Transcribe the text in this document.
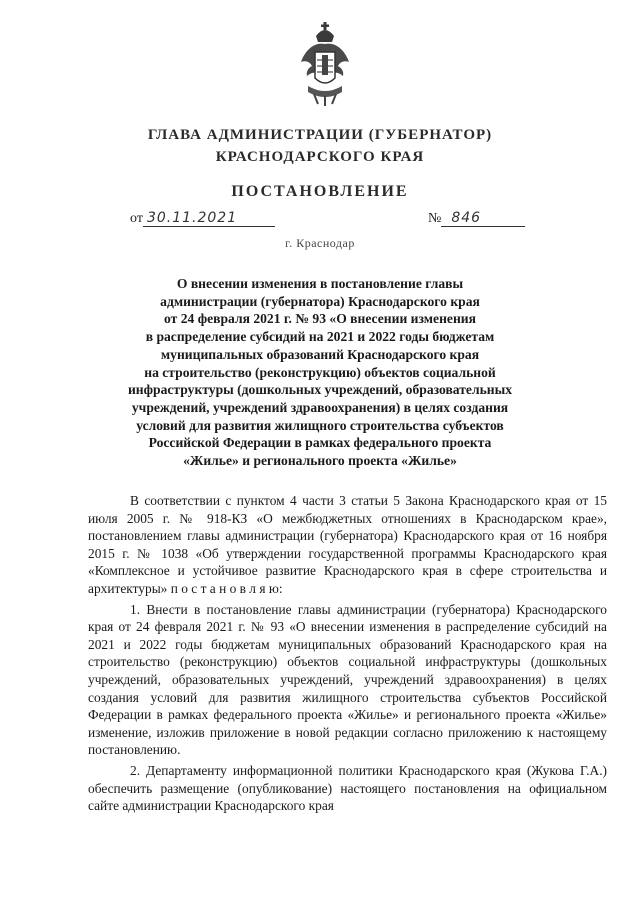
ГЛАВА АДМИНИСТРАЦИИ (ГУБЕРНАТОР)
КРАСНОДАРСКОГО КРАЯ
ПОСТАНОВЛЕНИЕ
от 30.11.2021	№ 846
г. Краснодар
О внесении изменения в постановление главы
администрации (губернатора) Краснодарского края
от 24 февраля 2021 г. № 93 «О внесении изменения
в распределение субсидий на 2021 и 2022 годы бюджетам
муниципальных образований Краснодарского края
на строительство (реконструкцию) объектов социальной
инфраструктуры (дошкольных учреждений, образовательных
учреждений, учреждений здравоохранения) в целях создания
условий для развития жилищного строительства субъектов
Российской Федерации в рамках федерального проекта
«Жилье» и регионального проекта «Жилье»

В соответствии с пунктом 4 части 3 статьи 5 Закона Краснодарского края от 15 июля 2005 г. № 918-КЗ «О межбюджетных отношениях в Краснодарском крае», постановлением главы администрации (губернатора) Краснодарского края от 16 ноября 2015 г. № 1038 «Об утверждении государственной программы Краснодарского края «Комплексное и устойчивое развитие Краснодарского края в сфере строительства и архитектуры» п о с т а н о в л я ю:

1. Внести в постановление главы администрации (губернатора) Краснодарского края от 24 февраля 2021 г. № 93 «О внесении изменения в распределение субсидий на 2021 и 2022 годы бюджетам муниципальных образований Краснодарского края на строительство (реконструкцию) объектов социальной инфраструктуры (дошкольных учреждений, образовательных учреждений, учреждений здравоохранения) в целях создания условий для развития жилищного строительства субъектов Российской Федерации в рамках федерального проекта «Жилье» и регионального проекта «Жилье» изменение, изложив приложение в новой редакции согласно приложению к настоящему постановлению.

2. Департаменту информационной политики Краснодарского края (Жукова Г.А.) обеспечить размещение (опубликование) настоящего постановления на официальном сайте администрации Краснодарского края
